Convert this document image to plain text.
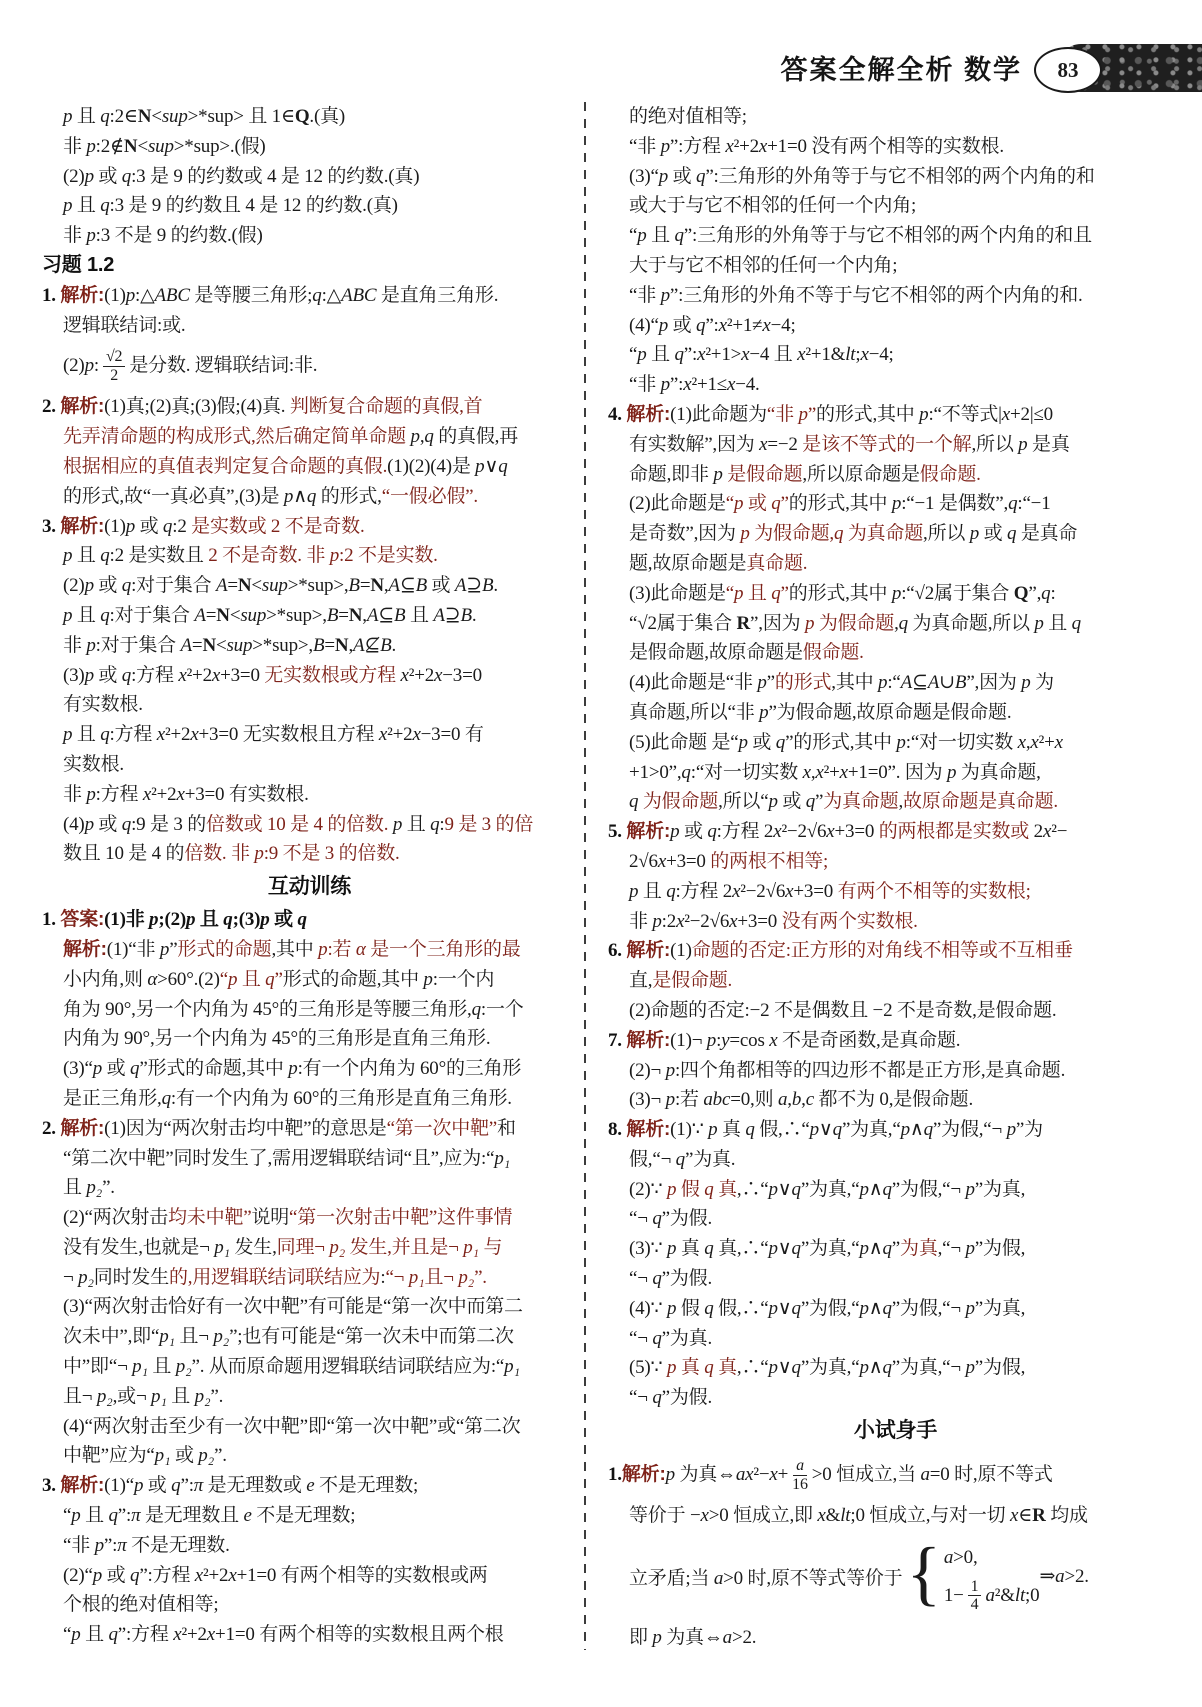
答案全解全析 数学	83
p 且 q:2∈N<sup>*sup> 且 1∈Q.(真)
非 p:2∉N<sup>*sup>.(假)
(2)p 或 q:3 是 9 的约数或 4 是 12 的约数.(真)
p 且 q:3 是 9 的约数且 4 是 12 的约数.(真)
非 p:3 不是 9 的约数.(假)
习题 1.2
1. 解析:(1)p:△ABC 是等腰三角形;q:△ABC 是直角三角形.
逻辑联结词:或.
(2)p: $\frac{√2}{2}$ 是分数. 逻辑联结词:非.
2. 解析:(1)真;(2)真;(3)假;(4)真. 判断复合命题的真假,首
先弄清命题的构成形式,然后确定简单命题 p,q 的真假,再
根据相应的真值表判定复合命题的真假.(1)(2)(4)是 p∨q
的形式,故“一真必真”,(3)是 p∧q 的形式,“一假必假”.
3. 解析:(1)p 或 q:2 是实数或 2 不是奇数.
p 且 q:2 是实数且 2 不是奇数. 非 p:2 不是实数.
(2)p 或 q:对于集合 A=N<sup>*sup>,B=N,A⊆B 或 A⊇B.
p 且 q:对于集合 A=N<sup>*sup>,B=N,A⊆B 且 A⊇B.
非 p:对于集合 A=N<sup>*sup>,B=N,A⊈B.
(3)p 或 q:方程 x²+2x+3=0 无实数根或方程 x²+2x−3=0
有实数根.
p 且 q:方程 x²+2x+3=0 无实数根且方程 x²+2x−3=0 有
实数根.
非 p:方程 x²+2x+3=0 有实数根.
(4)p 或 q:9 是 3 的倍数或 10 是 4 的倍数. p 且 q:9 是 3 的倍
数且 10 是 4 的倍数. 非 p:9 不是 3 的倍数.
互动训练
1. 答案:(1)非 p;(2)p 且 q;(3)p 或 q
解析:(1)“非 p”形式的命题,其中 p:若 α 是一个三角形的最
小内角,则 α>60°.(2)“p 且 q”形式的命题,其中 p:一个内
角为 90°,另一个内角为 45°的三角形是等腰三角形,q:一个
内角为 90°,另一个内角为 45°的三角形是直角三角形.
(3)“p 或 q”形式的命题,其中 p:有一个内角为 60°的三角形
是正三角形,q:有一个内角为 60°的三角形是直角三角形.
2. 解析:(1)因为“两次射击均中靶”的意思是“第一次中靶”和
“第二次中靶”同时发生了,需用逻辑联结词“且”,应为:“p₁
且 p₂”.
(2)“两次射击均未中靶”说明“第一次射击中靶”这件事情
没有发生,也就是¬ p₁ 发生,同理¬ p₂ 发生,并且是¬ p₁ 与
¬ p₂同时发生的,用逻辑联结词联结应为:“¬ p₁且¬ p₂”.
(3)“两次射击恰好有一次中靶”有可能是“第一次中而第二
次未中”,即“p₁ 且¬ p₂”;也有可能是“第一次未中而第二次
中”即“¬ p₁ 且 p₂”. 从而原命题用逻辑联结词联结应为:“p₁
且¬ p₂,或¬ p₁ 且 p₂”.
(4)“两次射击至少有一次中靶”即“第一次中靶”或“第二次
中靶”应为“p₁ 或 p₂”.
3. 解析:(1)“p 或 q”:π 是无理数或 e 不是无理数;
“p 且 q”:π 是无理数且 e 不是无理数;
“非 p”:π 不是无理数.
(2)“p 或 q”:方程 x²+2x+1=0 有两个相等的实数根或两
个根的绝对值相等;
“p 且 q”:方程 x²+2x+1=0 有两个相等的实数根且两个根
的绝对值相等;
“非 p”:方程 x²+2x+1=0 没有两个相等的实数根.
(3)“p 或 q”:三角形的外角等于与它不相邻的两个内角的和
或大于与它不相邻的任何一个内角;
“p 且 q”:三角形的外角等于与它不相邻的两个内角的和且
大于与它不相邻的任何一个内角;
“非 p”:三角形的外角不等于与它不相邻的两个内角的和.
(4)“p 或 q”:x²+1≠x−4;
“p 且 q”:x²+1>x−4 且 x²+1&lt;x−4;
“非 p”:x²+1≤x−4.
4. 解析:(1)此命题为“非 p”的形式,其中 p:“不等式|x+2|≤0
有实数解”,因为 x=−2 是该不等式的一个解,所以 p 是真
命题,即非 p 是假命题,所以原命题是假命题.
(2)此命题是“p 或 q”的形式,其中 p:“−1 是偶数”,q:“−1
是奇数”,因为 p 为假命题,q 为真命题,所以 p 或 q 是真命
题,故原命题是真命题.
(3)此命题是“p 且 q”的形式,其中 p:“√2属于集合 Q”,q:
“√2属于集合 R”,因为 p 为假命题,q 为真命题,所以 p 且 q
是假命题,故原命题是假命题.
(4)此命题是“非 p”的形式,其中 p:“A⊆A∪B”,因为 p 为
真命题,所以“非 p”为假命题,故原命题是假命题.
(5)此命题 是“p 或 q”的形式,其中 p:“对一切实数 x,x²+x
+1>0”,q:“对一切实数 x,x²+x+1=0”. 因为 p 为真命题,
q 为假命题,所以“p 或 q”为真命题,故原命题是真命题.
5. 解析:p 或 q:方程 2x²−2√6x+3=0 的两根都是实数或 2x²−
2√6x+3=0 的两根不相等;
p 且 q:方程 2x²−2√6x+3=0 有两个不相等的实数根;
非 p:2x²−2√6x+3=0 没有两个实数根.
6. 解析:(1)命题的否定:正方形的对角线不相等或不互相垂
直,是假命题.
(2)命题的否定:−2 不是偶数且 −2 不是奇数,是假命题.
7. 解析:(1)¬ p:y=cos x 不是奇函数,是真命题.
(2)¬ p:四个角都相等的四边形不都是正方形,是真命题.
(3)¬ p:若 abc=0,则 a,b,c 都不为 0,是假命题.
8. 解析:(1)∵ p 真 q 假,∴“p∨q”为真,“p∧q”为假,“¬ p”为
假,“¬ q”为真.
(2)∵ p 假 q 真,∴“p∨q”为真,“p∧q”为假,“¬ p”为真,
“¬ q”为假.
(3)∵ p 真 q 真,∴“p∨q”为真,“p∧q”为真,“¬ p”为假,
“¬ q”为假.
(4)∵ p 假 q 假,∴“p∨q”为假,“p∧q”为假,“¬ p”为真,
“¬ q”为真.
(5)∵ p 真 q 真,∴“p∨q”为真,“p∧q”为真,“¬ p”为假,
“¬ q”为假.
小试身手
1. 解析: p 为真⇔ax²−x+ $\frac{a}{16} >0$ 恒成立,当 a=0 时,原不等式
等价于 −x>0 恒成立,即 x&lt;0 恒成立,与对一切 x∈R 均成
立矛盾;当 a>0 时,原不等式等价于 { a>0,
$1- \frac{1}{4}$ a²&lt;0
⇒a>2.
即 p 为真⇔a>2.
